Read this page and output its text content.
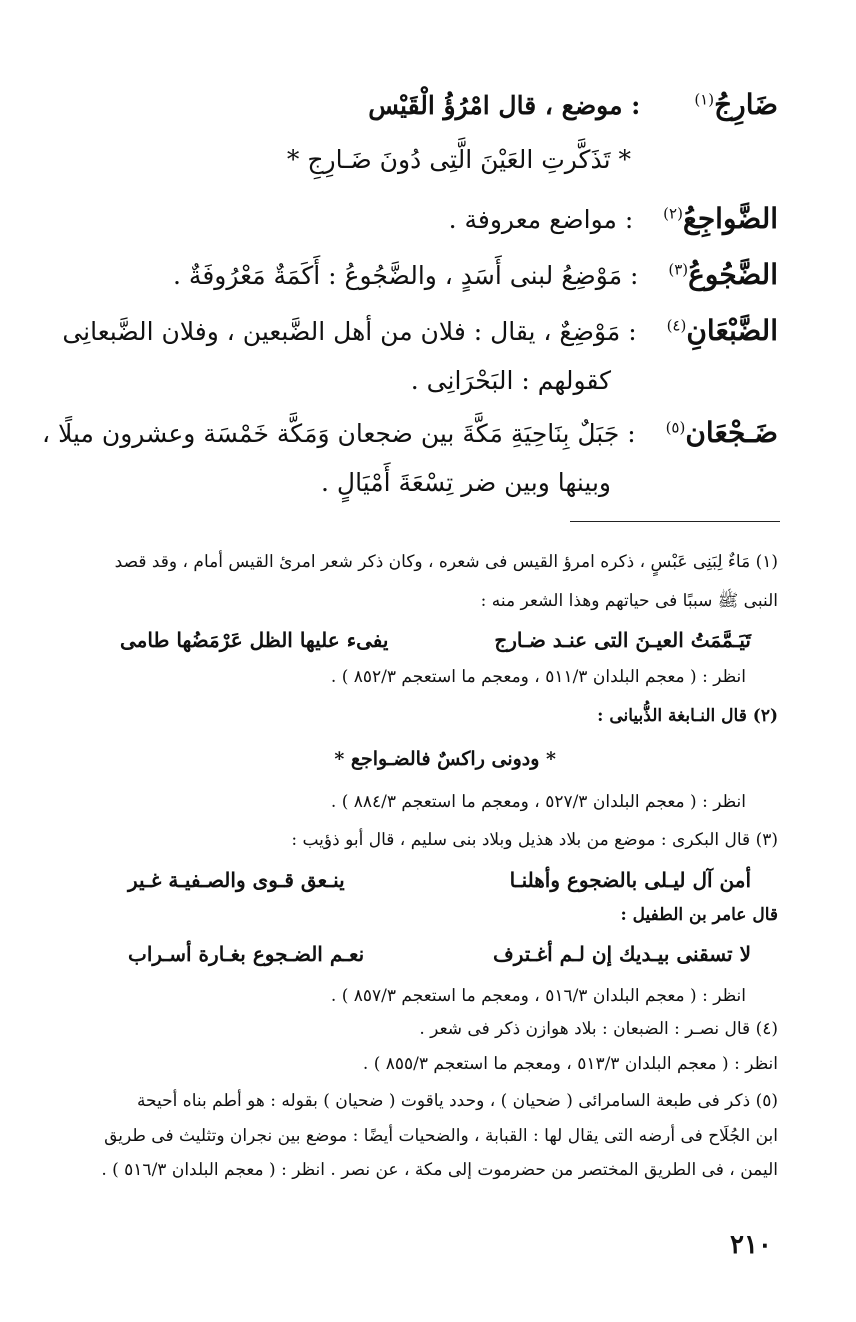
ضَارِجُ$^{(١)}$  : موضع ، قال امْرُؤُ الْقَيْس
* تَذَكَّرتِ العَيْنَ الَّتِى دُونَ ضَـارِجِ *
الضَّواجِعُ$^{(٢)}$  : مواضع معروفة .
الضَّجُوعُ$^{(٣)}$  : مَوْضِعُ لبنى أَسَدٍ ، والضَّجُوعُ : أَكَمَةٌ مَعْرُوفَةٌ .
الضَّبْعَانِ$^{(٤)}$  : مَوْضِعٌ ، يقال : فلان من أهل الضَّبعين ، وفلان الضَّبعانِى
كقولهم : البَحْرَانِى .
ضَـجْعَان$^{(٥)}$  : جَبَلٌ بِنَاحِيَةِ مَكَّةَ بين ضجعان وَمَكَّة خَمْسَة وعشرون ميلًا ،
وبينها وبين ضر تِسْعَةَ أَمْيَالٍ .
(١) مَاءٌ لِبَنِى عَبْسٍ ، ذكره امرؤ القيس فى شعره ، وكان ذكر شعر امرئ القيس أمام ، وقد قصد
النبى ﷺ سببًا فى حياتهم وهذا الشعر منه :
تَيَـمَّمَتُ العيـنَ التى عنـد ضـارج
يفىء عليها الظل عَرْمَضُها طامى
انظر : ( معجم البلدان ٥١١/٣ ، ومعجم ما استعجم ٨٥٢/٣ ) .
(٢) قال النـابغة الذُّبيانى :
* ودونى راكسٌ فالضـواجع *
انظر : ( معجم البلدان ٥٢٧/٣ ، ومعجم ما استعجم ٨٨٤/٣ ) .
(٣) قال البكرى : موضع من بلاد هذيل وبلاد بنى سليم ، قال أبو ذؤيب :
أمن آل ليـلى بالضجوع وأهلنـا
ينـعق قـوى والصـفيـة غـير
قال عامر بن الطفيل :
لا تسقنى بيـديك إن لـم أغـترف
نعـم الضـجوع بغـارة أسـراب
انظر : ( معجم البلدان ٥١٦/٣ ، ومعجم ما استعجم ٨٥٧/٣ ) .
(٤) قال نصـر : الضبعان : بلاد هوازن ذكر فى شعر .
انظر : ( معجم البلدان ٥١٣/٣ ، ومعجم ما استعجم ٨٥٥/٣ ) .
(٥) ذكر فى طبعة السامرائى ( ضحيان ) ، وحدد ياقوت ( ضحيان ) بقوله : هو أطم بناه أحيحة
ابن الجُلَاح فى أرضه التى يقال لها : القبابة ، والضحيات أيضًا : موضع بين نجران وتثليث فى طريق
اليمن ، فى الطريق المختصر من حضرموت إلى مكة ، عن نصر . انظر : ( معجم البلدان ٥١٦/٣ ) .
٢١٠
